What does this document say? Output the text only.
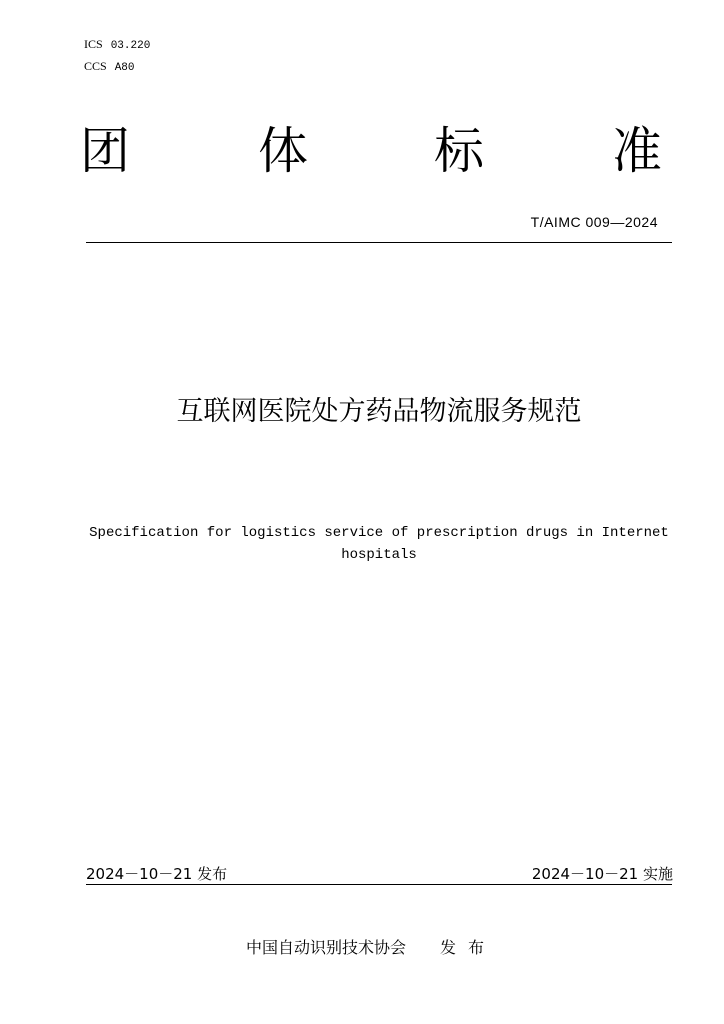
ICS 03.220
CCS A80
团	体	标	准
T/AIMC 009—2024
互联网医院处方药品物流服务规范
Specification for logistics service of prescription drugs in Internet hospitals
2024－10－21 发布	2024－10－21 实施
中国自动识别技术协会 发布
